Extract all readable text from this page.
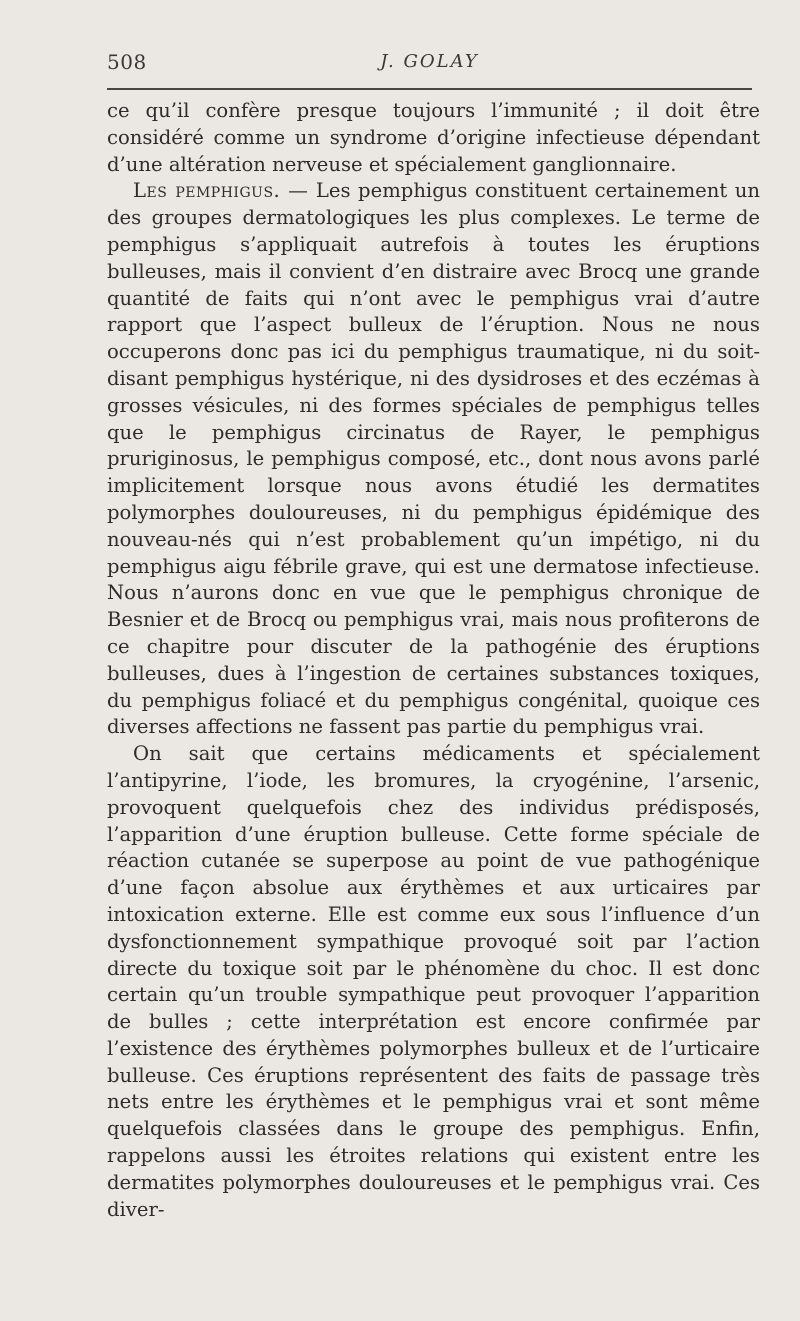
508	J. GOLAY

ce qu’il confère presque toujours l’immunité ; il doit être considéré comme un syndrome d’origine infectieuse dépendant d’une altération nerveuse et spécialement ganglionnaire.

Les pemphigus. — Les pemphigus constituent certainement un des groupes dermatologiques les plus complexes. Le terme de pemphigus s’appliquait autrefois à toutes les éruptions bulleuses, mais il convient d’en distraire avec Brocq une grande quantité de faits qui n’ont avec le pemphigus vrai d’autre rapport que l’aspect bulleux de l’éruption. Nous ne nous occuperons donc pas ici du pemphigus traumatique, ni du soit-disant pemphigus hystérique, ni des dysidroses et des eczémas à grosses vésicules, ni des formes spéciales de pemphigus telles que le pemphigus circinatus de Rayer, le pemphigus pruriginosus, le pemphigus composé, etc., dont nous avons parlé implicitement lorsque nous avons étudié les dermatites polymorphes douloureuses, ni du pemphigus épidémique des nouveau-nés qui n’est probablement qu’un impétigo, ni du pemphigus aigu fébrile grave, qui est une dermatose infectieuse. Nous n’aurons donc en vue que le pemphigus chronique de Besnier et de Brocq ou pemphigus vrai, mais nous profiterons de ce chapitre pour discuter de la pathogénie des éruptions bulleuses, dues à l’ingestion de certaines substances toxiques, du pemphigus foliacé et du pemphigus congénital, quoique ces diverses affections ne fassent pas partie du pemphigus vrai.

On sait que certains médicaments et spécialement l’antipyrine, l’iode, les bromures, la cryogénine, l’arsenic, provoquent quelquefois chez des individus prédisposés, l’apparition d’une éruption bulleuse. Cette forme spéciale de réaction cutanée se superpose au point de vue pathogénique d’une façon absolue aux érythèmes et aux urticaires par intoxication externe. Elle est comme eux sous l’influence d’un dysfonctionnement sympathique provoqué soit par l’action directe du toxique soit par le phénomène du choc. Il est donc certain qu’un trouble sympathique peut provoquer l’apparition de bulles ; cette interprétation est encore confirmée par l’existence des érythèmes polymorphes bulleux et de l’urticaire bulleuse. Ces éruptions représentent des faits de passage très nets entre les érythèmes et le pemphigus vrai et sont même quelquefois classées dans le groupe des pemphigus. Enfin, rappelons aussi les étroites relations qui existent entre les dermatites polymorphes douloureuses et le pemphigus vrai. Ces diver-
